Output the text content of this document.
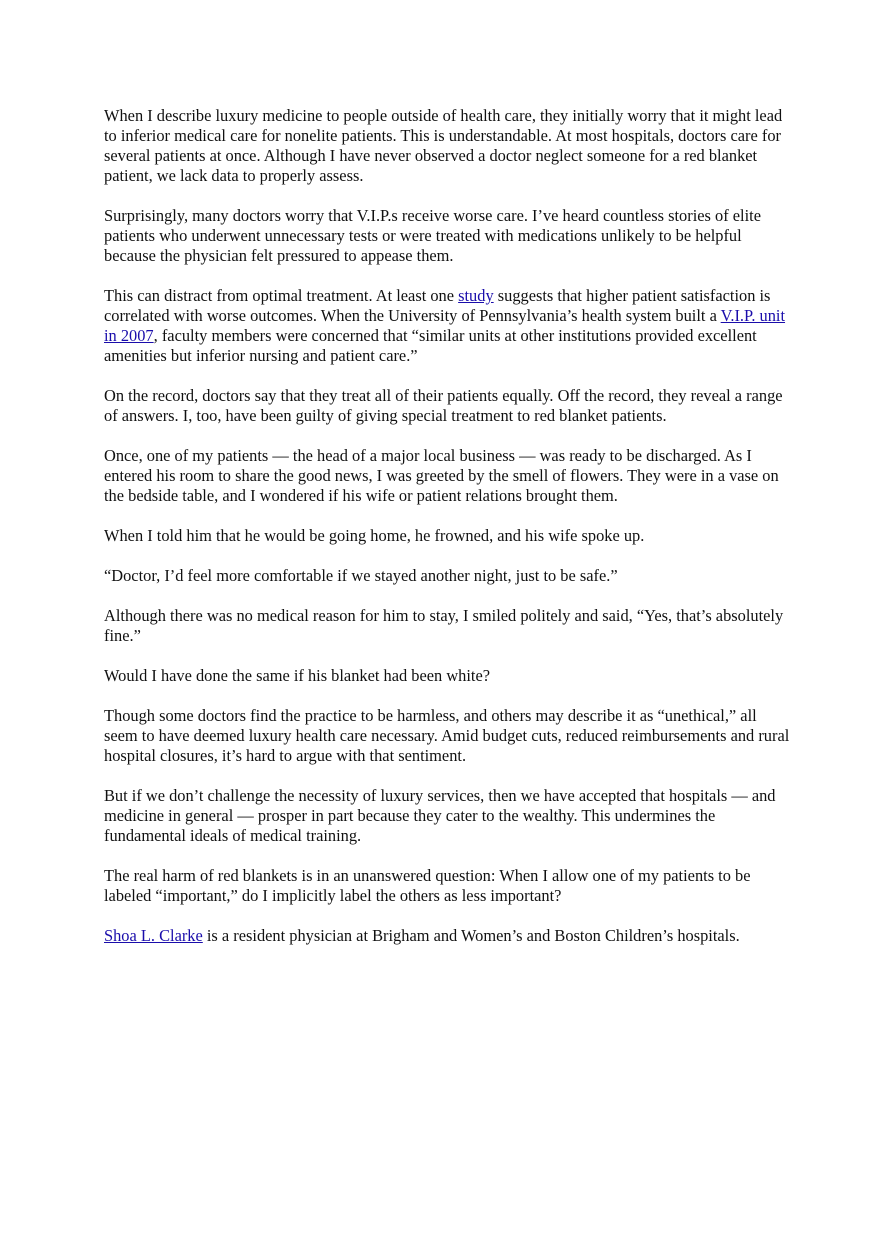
When I describe luxury medicine to people outside of health care, they initially worry that it might lead to inferior medical care for nonelite patients. This is understandable. At most hospitals, doctors care for several patients at once. Although I have never observed a doctor neglect someone for a red blanket patient, we lack data to properly assess.

Surprisingly, many doctors worry that V.I.P.s receive worse care. I’ve heard countless stories of elite patients who underwent unnecessary tests or were treated with medications unlikely to be helpful because the physician felt pressured to appease them.

This can distract from optimal treatment. At least one study suggests that higher patient satisfaction is correlated with worse outcomes. When the University of Pennsylvania’s health system built a V.I.P. unit in 2007, faculty members were concerned that “similar units at other institutions provided excellent amenities but inferior nursing and patient care.”

On the record, doctors say that they treat all of their patients equally. Off the record, they reveal a range of answers. I, too, have been guilty of giving special treatment to red blanket patients.

Once, one of my patients — the head of a major local business — was ready to be discharged. As I entered his room to share the good news, I was greeted by the smell of flowers. They were in a vase on the bedside table, and I wondered if his wife or patient relations brought them.

When I told him that he would be going home, he frowned, and his wife spoke up.

“Doctor, I’d feel more comfortable if we stayed another night, just to be safe.”

Although there was no medical reason for him to stay, I smiled politely and said, “Yes, that’s absolutely fine.”

Would I have done the same if his blanket had been white?

Though some doctors find the practice to be harmless, and others may describe it as “unethical,” all seem to have deemed luxury health care necessary. Amid budget cuts, reduced reimbursements and rural hospital closures, it’s hard to argue with that sentiment.

But if we don’t challenge the necessity of luxury services, then we have accepted that hospitals — and medicine in general — prosper in part because they cater to the wealthy. This undermines the fundamental ideals of medical training.

The real harm of red blankets is in an unanswered question: When I allow one of my patients to be labeled “important,” do I implicitly label the others as less important?

Shoa L. Clarke is a resident physician at Brigham and Women’s and Boston Children’s hospitals.
